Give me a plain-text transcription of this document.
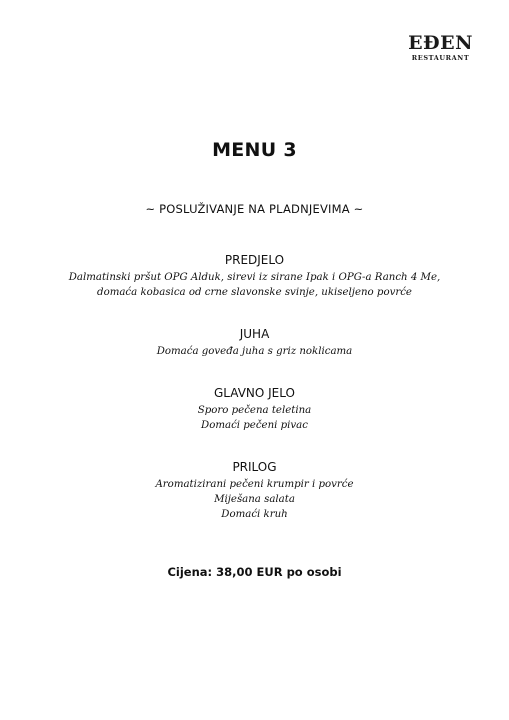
EĐEN
RESTAURANT
MENU 3
~ POSLUŽIVANJE NA PLADNJEVIMA ~
PREDJELO
Dalmatinski pršut OPG Alduk, sirevi iz sirane Ipak i OPG-a Ranch 4 Me,
domaća kobasica od crne slavonske svinje, ukiseljeno povrće
JUHA
Domaća goveđa juha s griz noklicama
GLAVNO JELO
Sporo pečena teletina
Domaći pečeni pivac
PRILOG
Aromatizirani pečeni krumpir i povrće
Miješana salata
Domaći kruh
Cijena: 38,00 EUR po osobi
